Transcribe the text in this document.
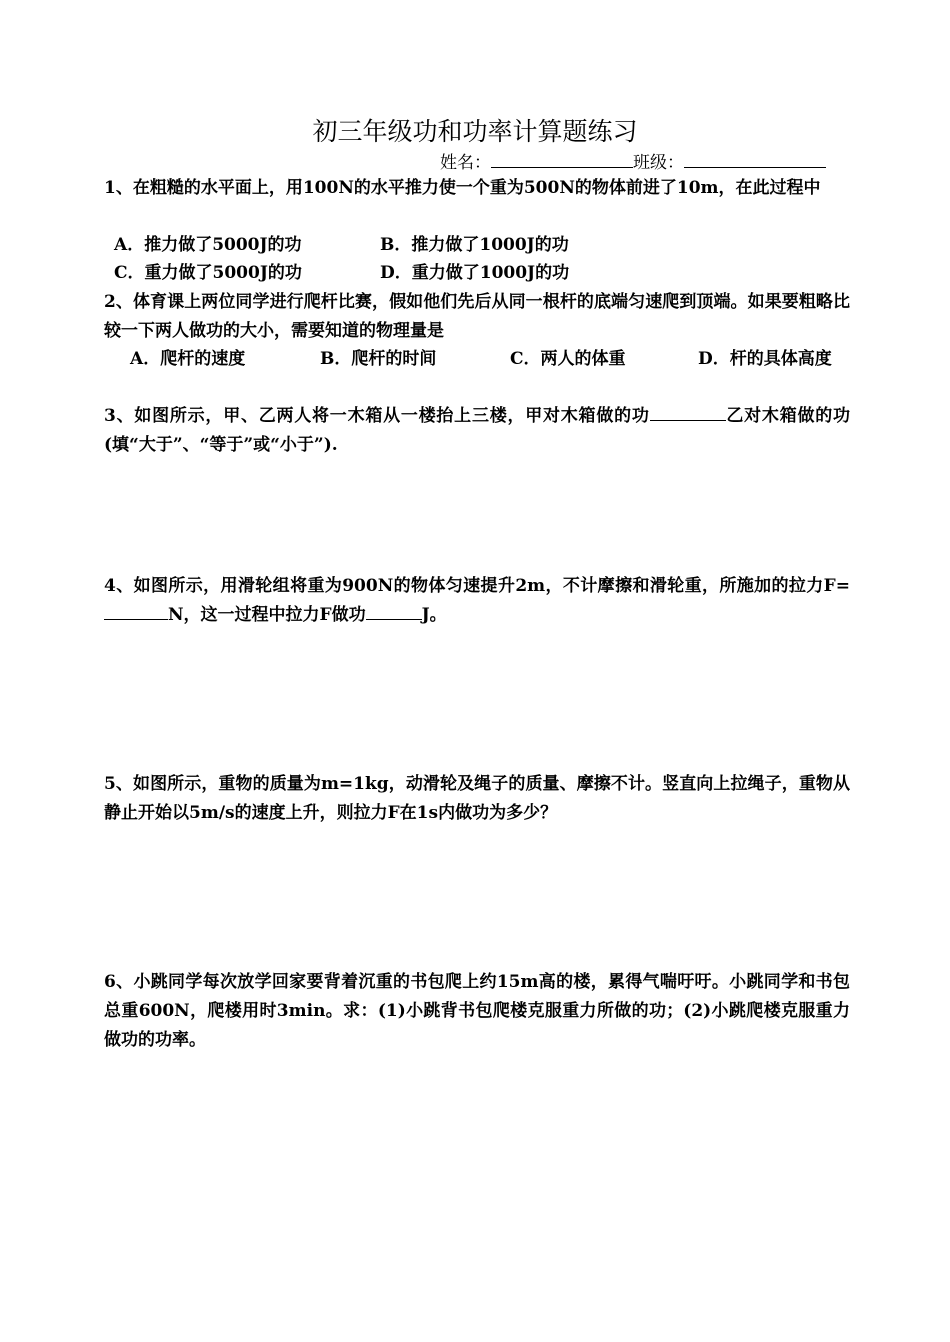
初三年级功和功率计算题练习
姓名：	班级：
1、在粗糙的水平面上，用100N的水平推力使一个重为500N的物体前进了10m，在此过程中
A．推力做了5000J的功	B．推力做了1000J的功
C．重力做了5000J的功	D．重力做了1000J的功
2、体育课上两位同学进行爬杆比赛，假如他们先后从同一根杆的底端匀速爬到顶端。如果要粗略比较一下两人做功的大小，需要知道的物理量是
A．爬杆的速度	B．爬杆的时间	C．两人的体重	D．杆的具体高度
3、如图所示，甲、乙两人将一木箱从一楼抬上三楼，甲对木箱做的功	乙对木箱做的功(填“大于”、“等于”或“小于”).
4、如图所示，用滑轮组将重为900N的物体匀速提升2m，不计摩擦和滑轮重，所施加的拉力F=N，这一过程中拉力F做功	J。
5、如图所示，重物的质量为m=1kg，动滑轮及绳子的质量、摩擦不计。竖直向上拉绳子，重物从静止开始以5m/s的速度上升，则拉力F在1s内做功为多少？
6、小跳同学每次放学回家要背着沉重的书包爬上约15m高的楼，累得气喘吁吁。小跳同学和书包总重600N，爬楼用时3min。求：(1)小跳背书包爬楼克服重力所做的功；(2)小跳爬楼克服重力做功的功率。
